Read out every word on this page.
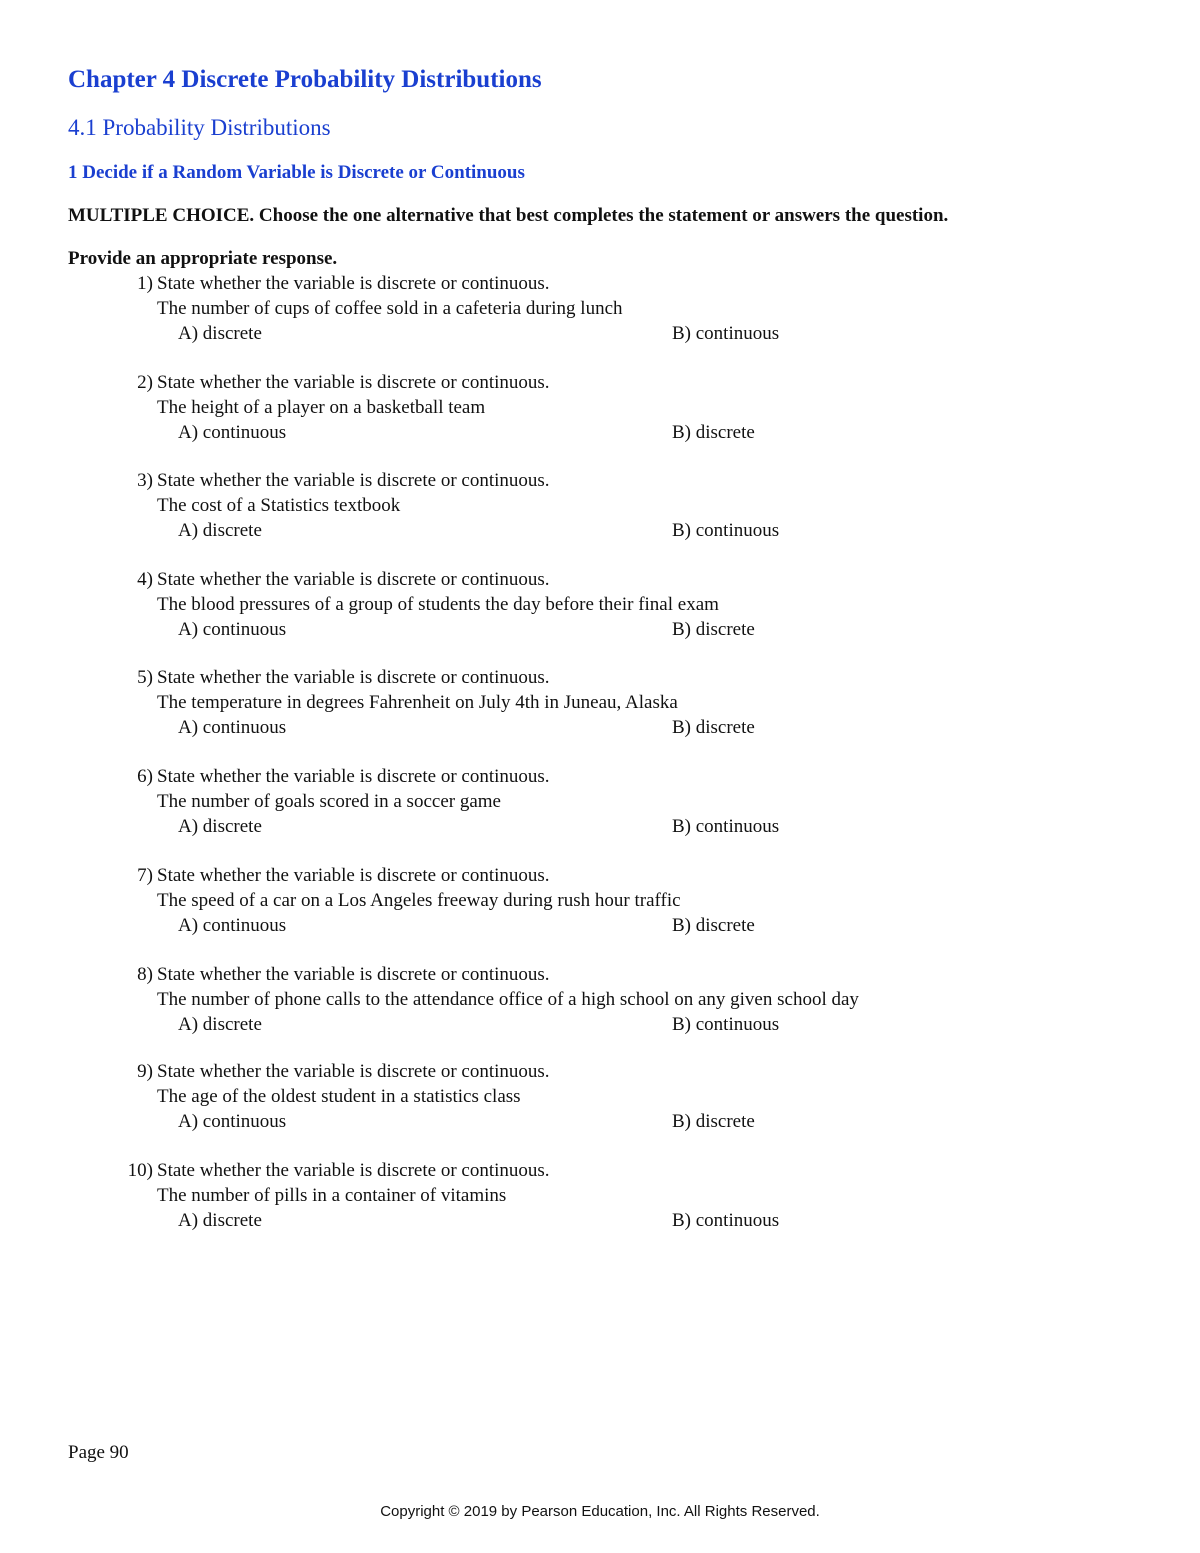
Chapter 4 Discrete Probability Distributions
4.1 Probability Distributions
1 Decide if a Random Variable is Discrete or Continuous
MULTIPLE CHOICE. Choose the one alternative that best completes the statement or answers the question.
Provide an appropriate response.
1) State whether the variable is discrete or continuous.
The number of cups of coffee sold in a cafeteria during lunch
A) discrete	B) continuous
2) State whether the variable is discrete or continuous.
The height of a player on a basketball team
A) continuous	B) discrete
3) State whether the variable is discrete or continuous.
The cost of a Statistics textbook
A) discrete	B) continuous
4) State whether the variable is discrete or continuous.
The blood pressures of a group of students the day before their final exam
A) continuous	B) discrete
5) State whether the variable is discrete or continuous.
The temperature in degrees Fahrenheit on July 4th in Juneau, Alaska
A) continuous	B) discrete
6) State whether the variable is discrete or continuous.
The number of goals scored in a soccer game
A) discrete	B) continuous
7) State whether the variable is discrete or continuous.
The speed of a car on a Los Angeles freeway during rush hour traffic
A) continuous	B) discrete
8) State whether the variable is discrete or continuous.
The number of phone calls to the attendance office of a high school on any given school day
A) discrete	B) continuous
9) State whether the variable is discrete or continuous.
The age of the oldest student in a statistics class
A) continuous	B) discrete
10) State whether the variable is discrete or continuous.
The number of pills in a container of vitamins
A) discrete	B) continuous
Page 90
Copyright © 2019 by Pearson Education, Inc. All Rights Reserved.
